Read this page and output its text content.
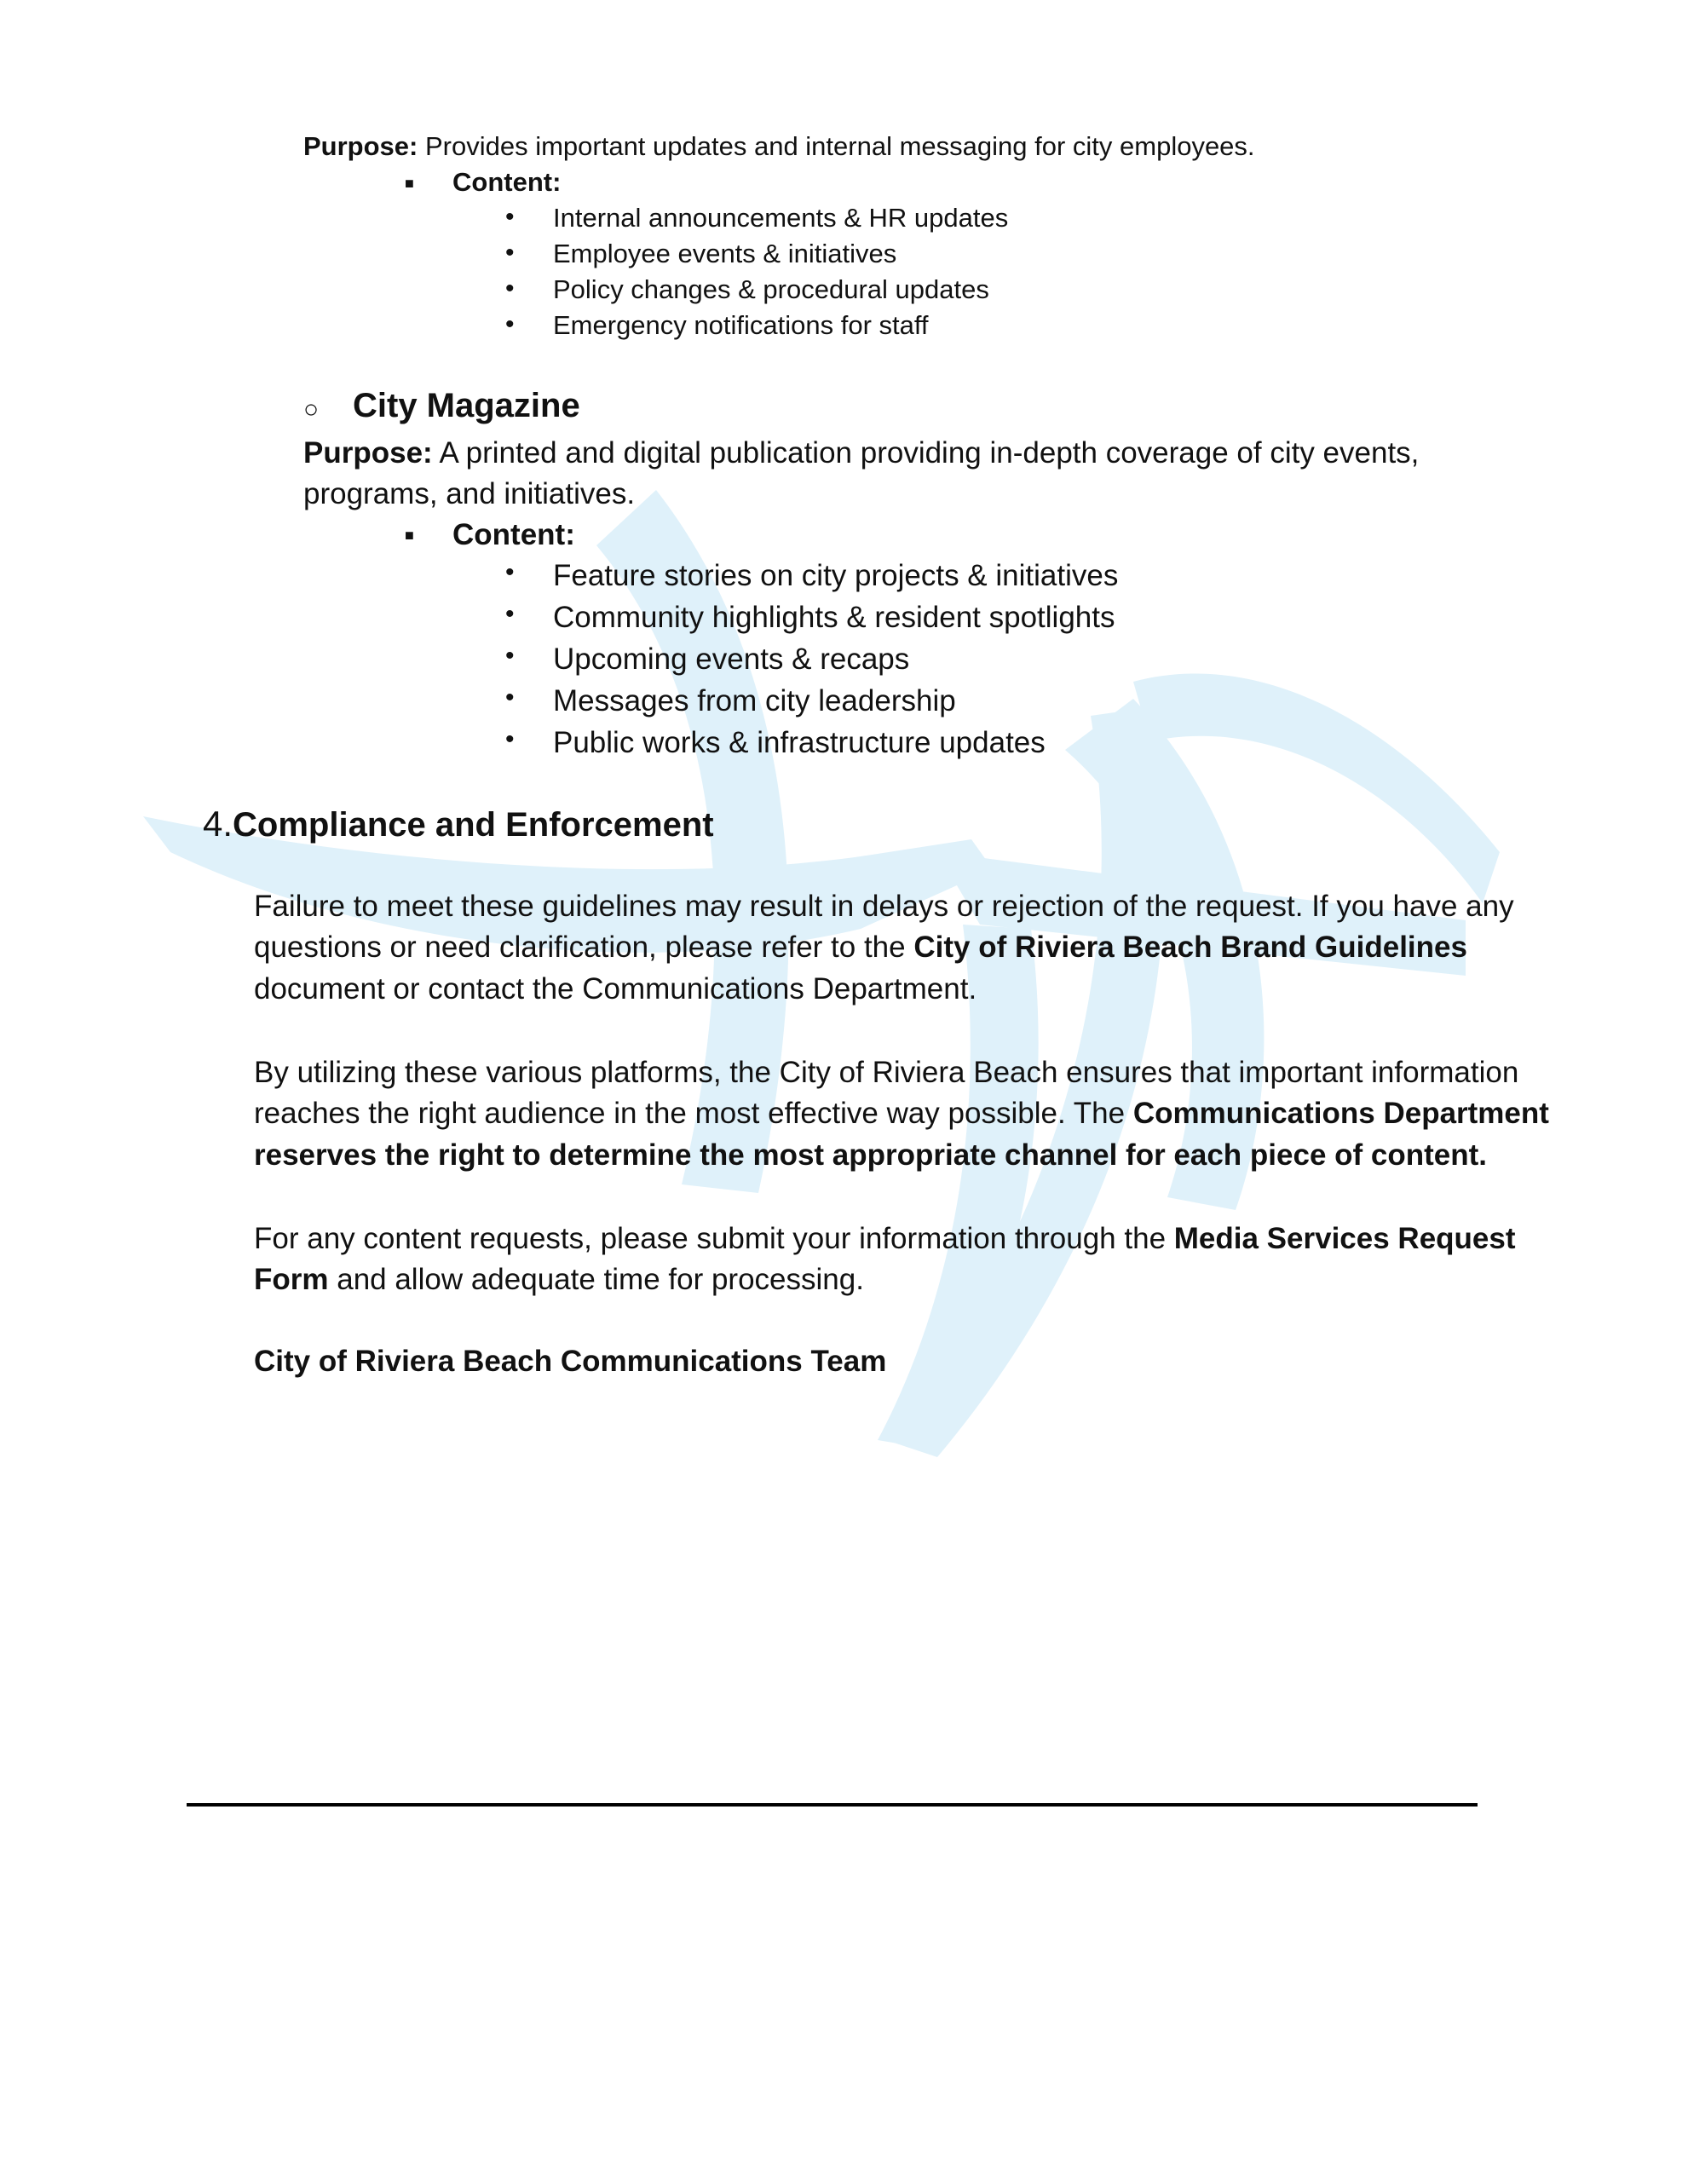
Purpose: Provides important updates and internal messaging for city employees.
■ Content:
• Internal announcements & HR updates
• Employee events & initiatives
• Policy changes & procedural updates
• Emergency notifications for staff
○ City Magazine
Purpose: A printed and digital publication providing in-depth coverage of city events,
programs, and initiatives.
■ Content:
• Feature stories on city projects & initiatives
• Community highlights & resident spotlights
• Upcoming events & recaps
• Messages from city leadership
• Public works & infrastructure updates
4.Compliance and Enforcement
Failure to meet these guidelines may result in delays or rejection of the request. If you have any
questions or need clarification, please refer to the City of Riviera Beach Brand Guidelines
document or contact the Communications Department.
By utilizing these various platforms, the City of Riviera Beach ensures that important information
reaches the right audience in the most effective way possible. The Communications Department
reserves the right to determine the most appropriate channel for each piece of content.
For any content requests, please submit your information through the Media Services Request
Form and allow adequate time for processing.
City of Riviera Beach Communications Team
